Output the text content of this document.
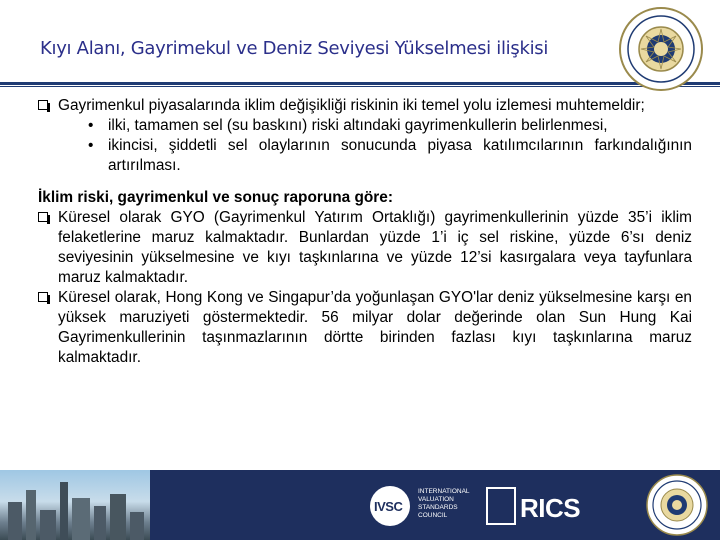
Kıyı Alanı, Gayrimekul ve Deniz Seviyesi Yükselmesi ilişkisi
Gayrimenkul piyasalarında iklim değişikliği riskinin iki temel yolu izlemesi muhtemeldir;
• ilki, tamamen sel (su baskını) riski altındaki gayrimenkullerin belirlenmesi,
• ikincisi, şiddetli sel olaylarının sonucunda piyasa katılımcılarının farkındalığının artırılması.
İklim riski, gayrimenkul ve sonuç raporuna göre:
Küresel olarak GYO (Gayrimenkul Yatırım Ortaklığı) gayrimenkullerinin yüzde 35’i iklim felaketlerine maruz kalmaktadır. Bunlardan yüzde 1’i iç sel riskine, yüzde 6’sı deniz seviyesinin yükselmesine ve kıyı taşkınlarına ve yüzde 12’si kasırgalara veya tayfunlara maruz kalmaktadır.
Küresel olarak, Hong Kong ve Singapur’da yoğunlaşan GYO'lar deniz yükselmesine karşı en yüksek maruziyeti göstermektedir. 56 milyar dolar değerinde olan Sun Hung Kai Gayrimenkullerinin taşınmazlarının dörtte birinden fazlası kıyı taşkınlarına maruz kalmaktadır.
IVSC
INTERNATIONAL VALUATION STANDARDS COUNCIL	RICS
